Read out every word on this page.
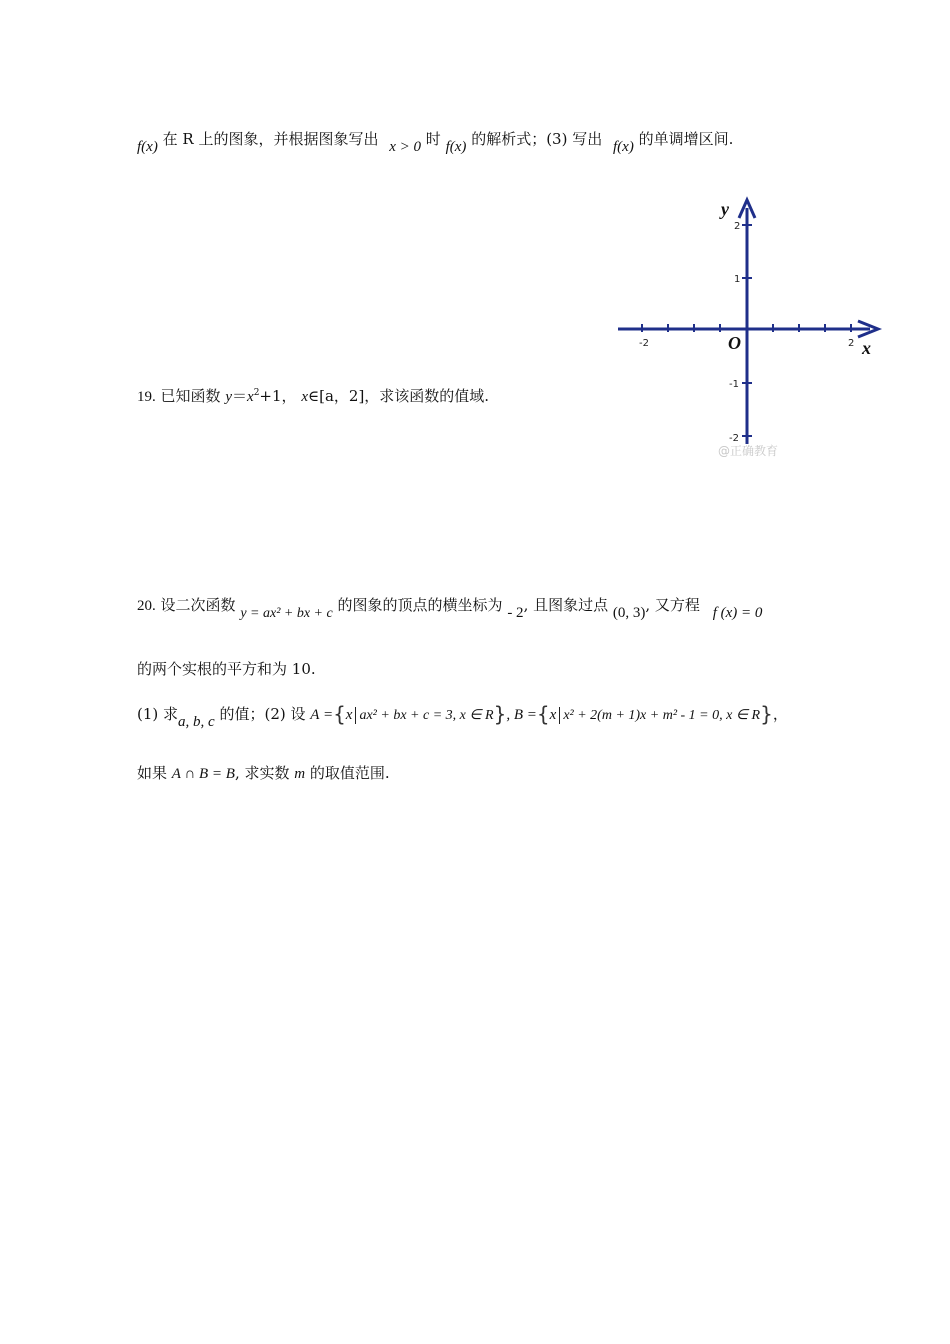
f(x) 在 R 上的图象，并根据图象写出 x > 0 时 f(x) 的解析式；(3) 写出 f(x) 的单调增区间.
-2	2
2
1
-1
-2
y
x
O
@正确教育
19. 已知函数 $y=x^2+1$， x∈[a，2]，求该函数的值域.
20. 设二次函数 y = ax² + bx + c 的图象的顶点的横坐标为 - 2, 且图象过点 (0, 3), 又方程 f (x) = 0
的两个实根的平方和为 10.
(1) 求a, b, c 的值；(2) 设 A ={x ax² + bx + c = 3, x ∈ R}, B ={x x² + 2(m + 1)x + m² - 1 = 0, x ∈ R}，
如果 A ∩ B = B, 求实数 m 的取值范围.
